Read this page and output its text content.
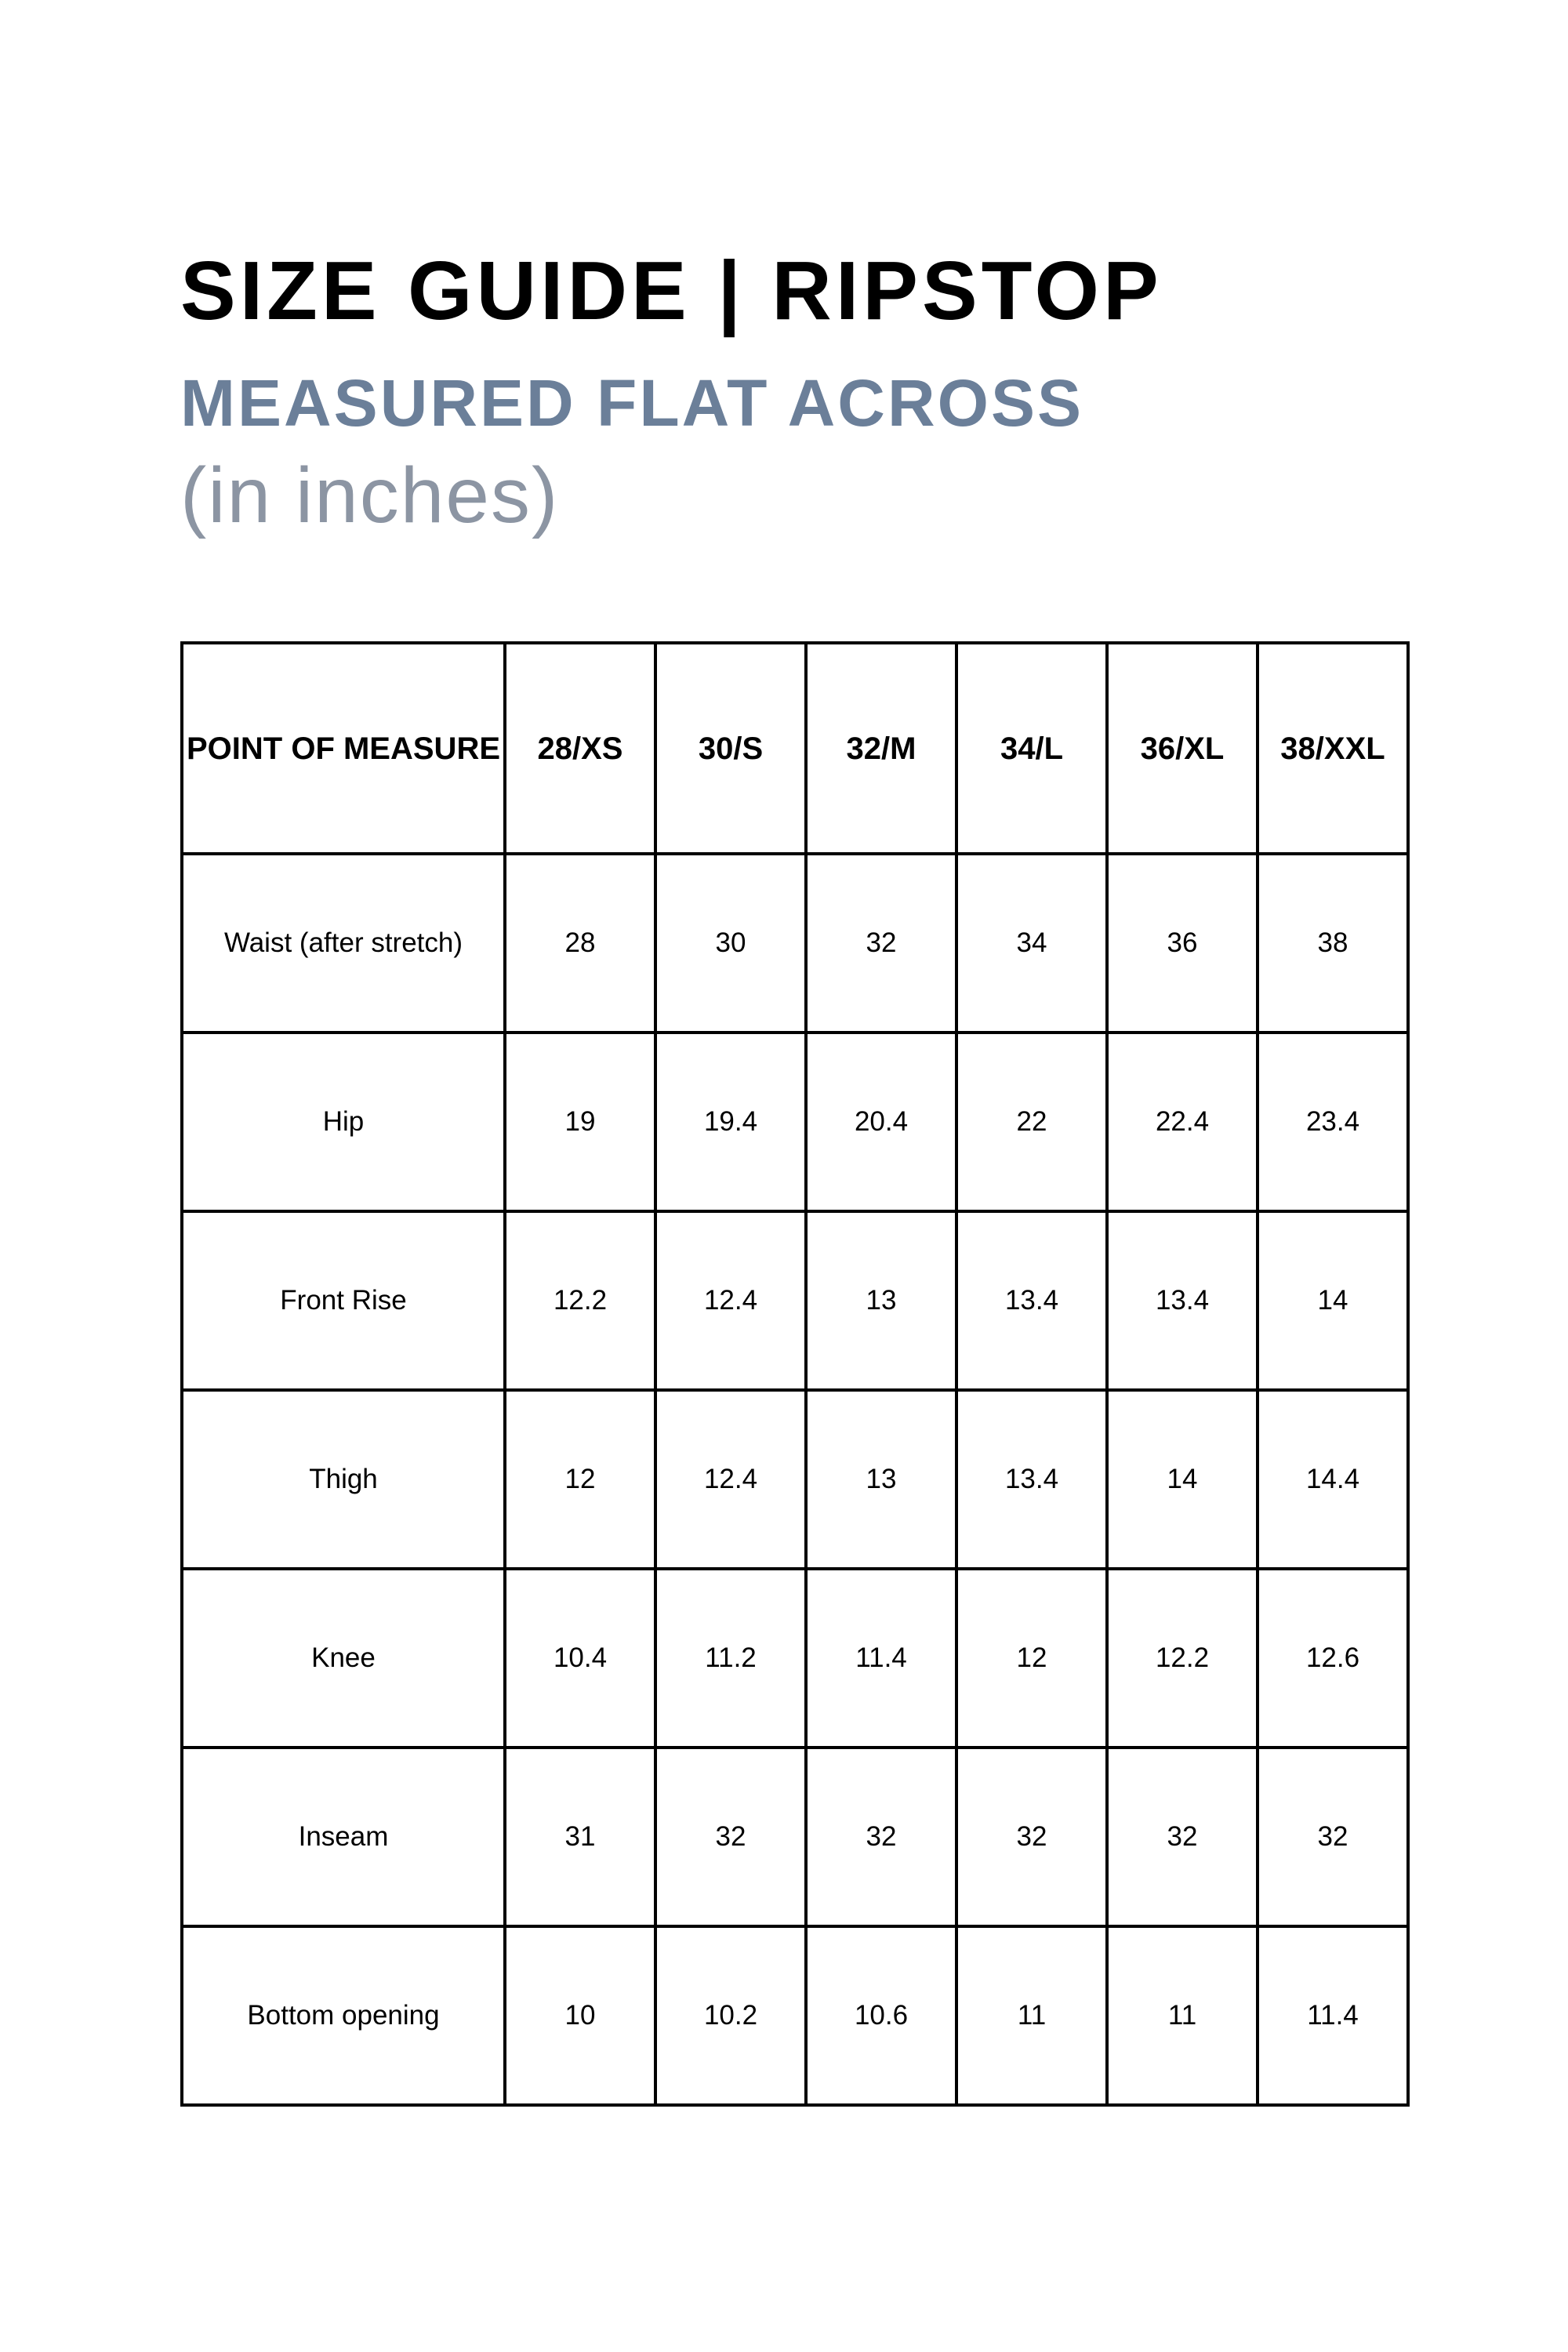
SIZE GUIDE | RIPSTOP
MEASURED FLAT ACROSS
(in inches)
POINT OF MEASURE	28/XS	30/S	32/M	34/L	36/XL	38/XXL
Waist (after stretch)	28	30	32	34	36	38
Hip	19	19.4	20.4	22	22.4	23.4
Front Rise	12.2	12.4	13	13.4	13.4	14
Thigh	12	12.4	13	13.4	14	14.4
Knee	10.4	11.2	11.4	12	12.2	12.6
Inseam	31	32	32	32	32	32
Bottom opening	10	10.2	10.6	11	11	11.4
